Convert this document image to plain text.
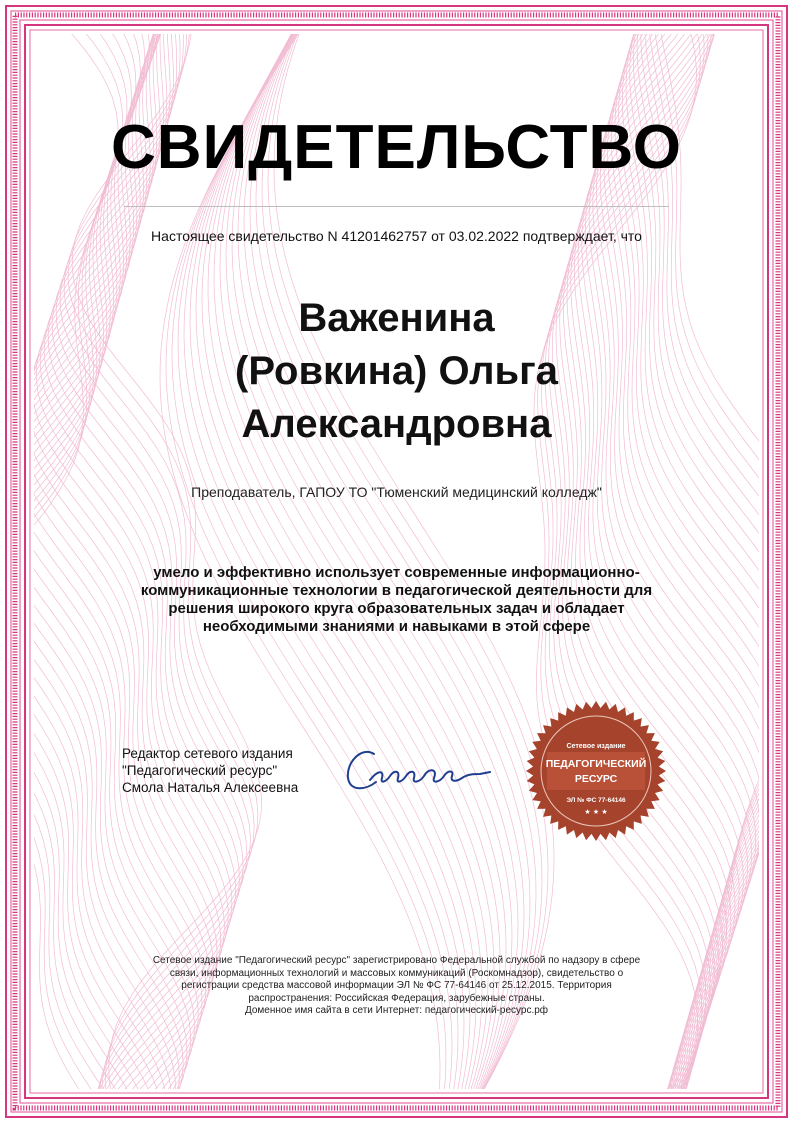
СВИДЕТЕЛЬСТВО
Настоящее свидетельство N 41201462757 от 03.02.2022 подтверждает, что
Важенина
(Ровкина) Ольга
Александровна
Преподаватель, ГАПОУ ТО "Тюменский медицинский колледж"
умело и эффективно использует современные информационно-коммуникационные технологии в педагогической деятельности для решения широкого круга образовательных задач и обладает необходимыми знаниями и навыками в этой сфере
Редактор сетевого издания
"Педагогический ресурс"
Смола Наталья Алексеевна
Сетевое издание
ПЕДАГОГИЧЕСКИЙ
РЕСУРС
ЭЛ № ФС 77-64146
★ ★ ★
Сетевое издание "Педагогический ресурс" зарегистрировано Федеральной службой по надзору в сфере
связи, информационных технологий и массовых коммуникаций (Роскомнадзор), свидетельство о
регистрации средства массовой информации ЭЛ № ФС 77-64146 от 25.12.2015. Территория
распространения: Российская Федерация, зарубежные страны.
Доменное имя сайта в сети Интернет: педагогический-ресурс.рф
